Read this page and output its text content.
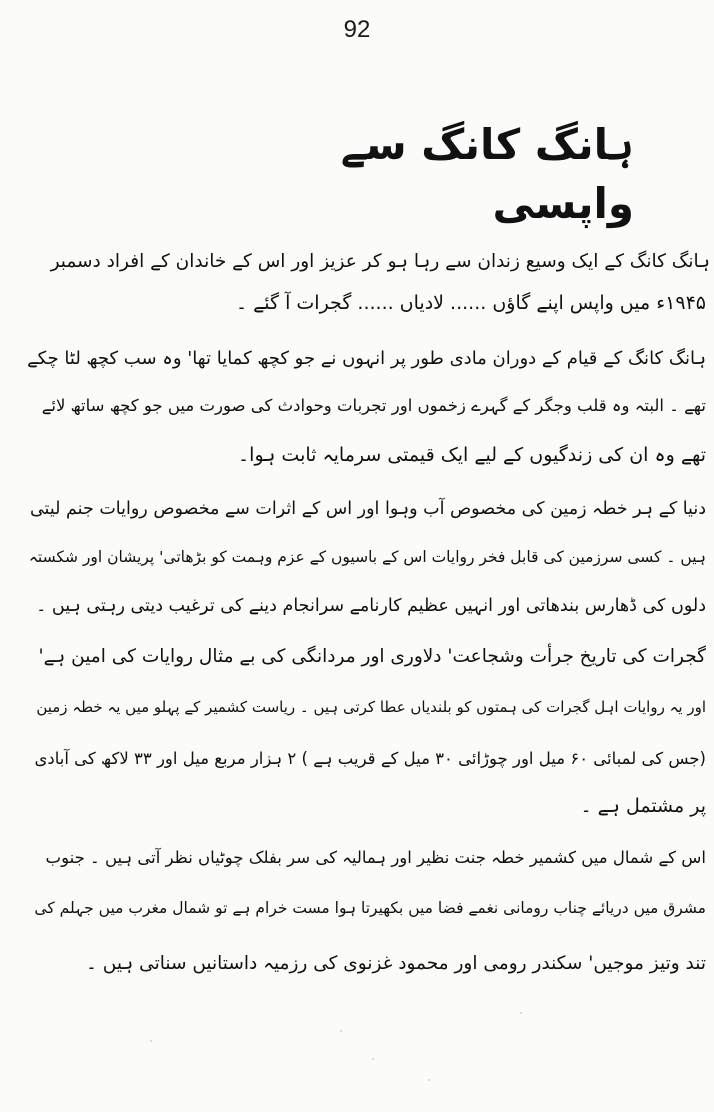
92
ہانگ کانگ سے واپسی
ہانگ کانگ کے ایک وسیع زندان سے رہا ہو کر عزیز اور اس کے خاندان کے افراد دسمبر
۱۹۴۵ء میں واپس اپنے گاؤں ...... لادیاں ...... گجرات آ گئے ۔
ہانگ کانگ کے قیام کے دوران مادی طور پر انہوں نے جو کچھ کمایا تھا' وہ سب کچھ لٹا چکے
تھے ۔ البتہ وہ قلب وجگر کے گہرے زخموں اور تجربات وحوادث کی صورت میں جو کچھ ساتھ لائے
تھے وہ ان کی زندگیوں کے لیے ایک قیمتی سرمایہ ثابت ہوا۔
دنیا کے ہر خطہ زمین کی مخصوص آب وہوا اور اس کے اثرات سے مخصوص روایات جنم لیتی
ہیں ۔ کسی سرزمین کی قابل فخر روایات اس کے باسیوں کے عزم وہمت کو بڑھاتی' پریشان اور شکستہ
دلوں کی ڈھارس بندھاتی اور انہیں عظیم کارنامے سرانجام دینے کی ترغیب دیتی رہتی ہیں ۔
گجرات کی تاریخ جرأت وشجاعت' دلاوری اور مردانگی کی بے مثال روایات کی امین ہے'
اور یہ روایات اہل گجرات کی ہمتوں کو بلندیاں عطا کرتی ہیں ۔ ریاست کشمیر کے پہلو میں یہ خطہ زمین
(جس کی لمبائی ۶۰ میل اور چوڑائی ۳۰ میل کے قریب ہے ) ۲ ہزار مربع میل اور ۳۳ لاکھ کی آبادی
پر مشتمل ہے ۔
اس کے شمال میں کشمیر خطہ جنت نظیر اور ہمالیہ کی سر بفلک چوٹیاں نظر آتی ہیں ۔ جنوب
مشرق میں دریائے چناب رومانی نغمے فضا میں بکھیرتا ہوا مست خرام ہے تو شمال مغرب میں جہلم کی
تند وتیز موجیں' سکندر رومی اور محمود غزنوی کی رزمیہ داستانیں سناتی ہیں ۔
